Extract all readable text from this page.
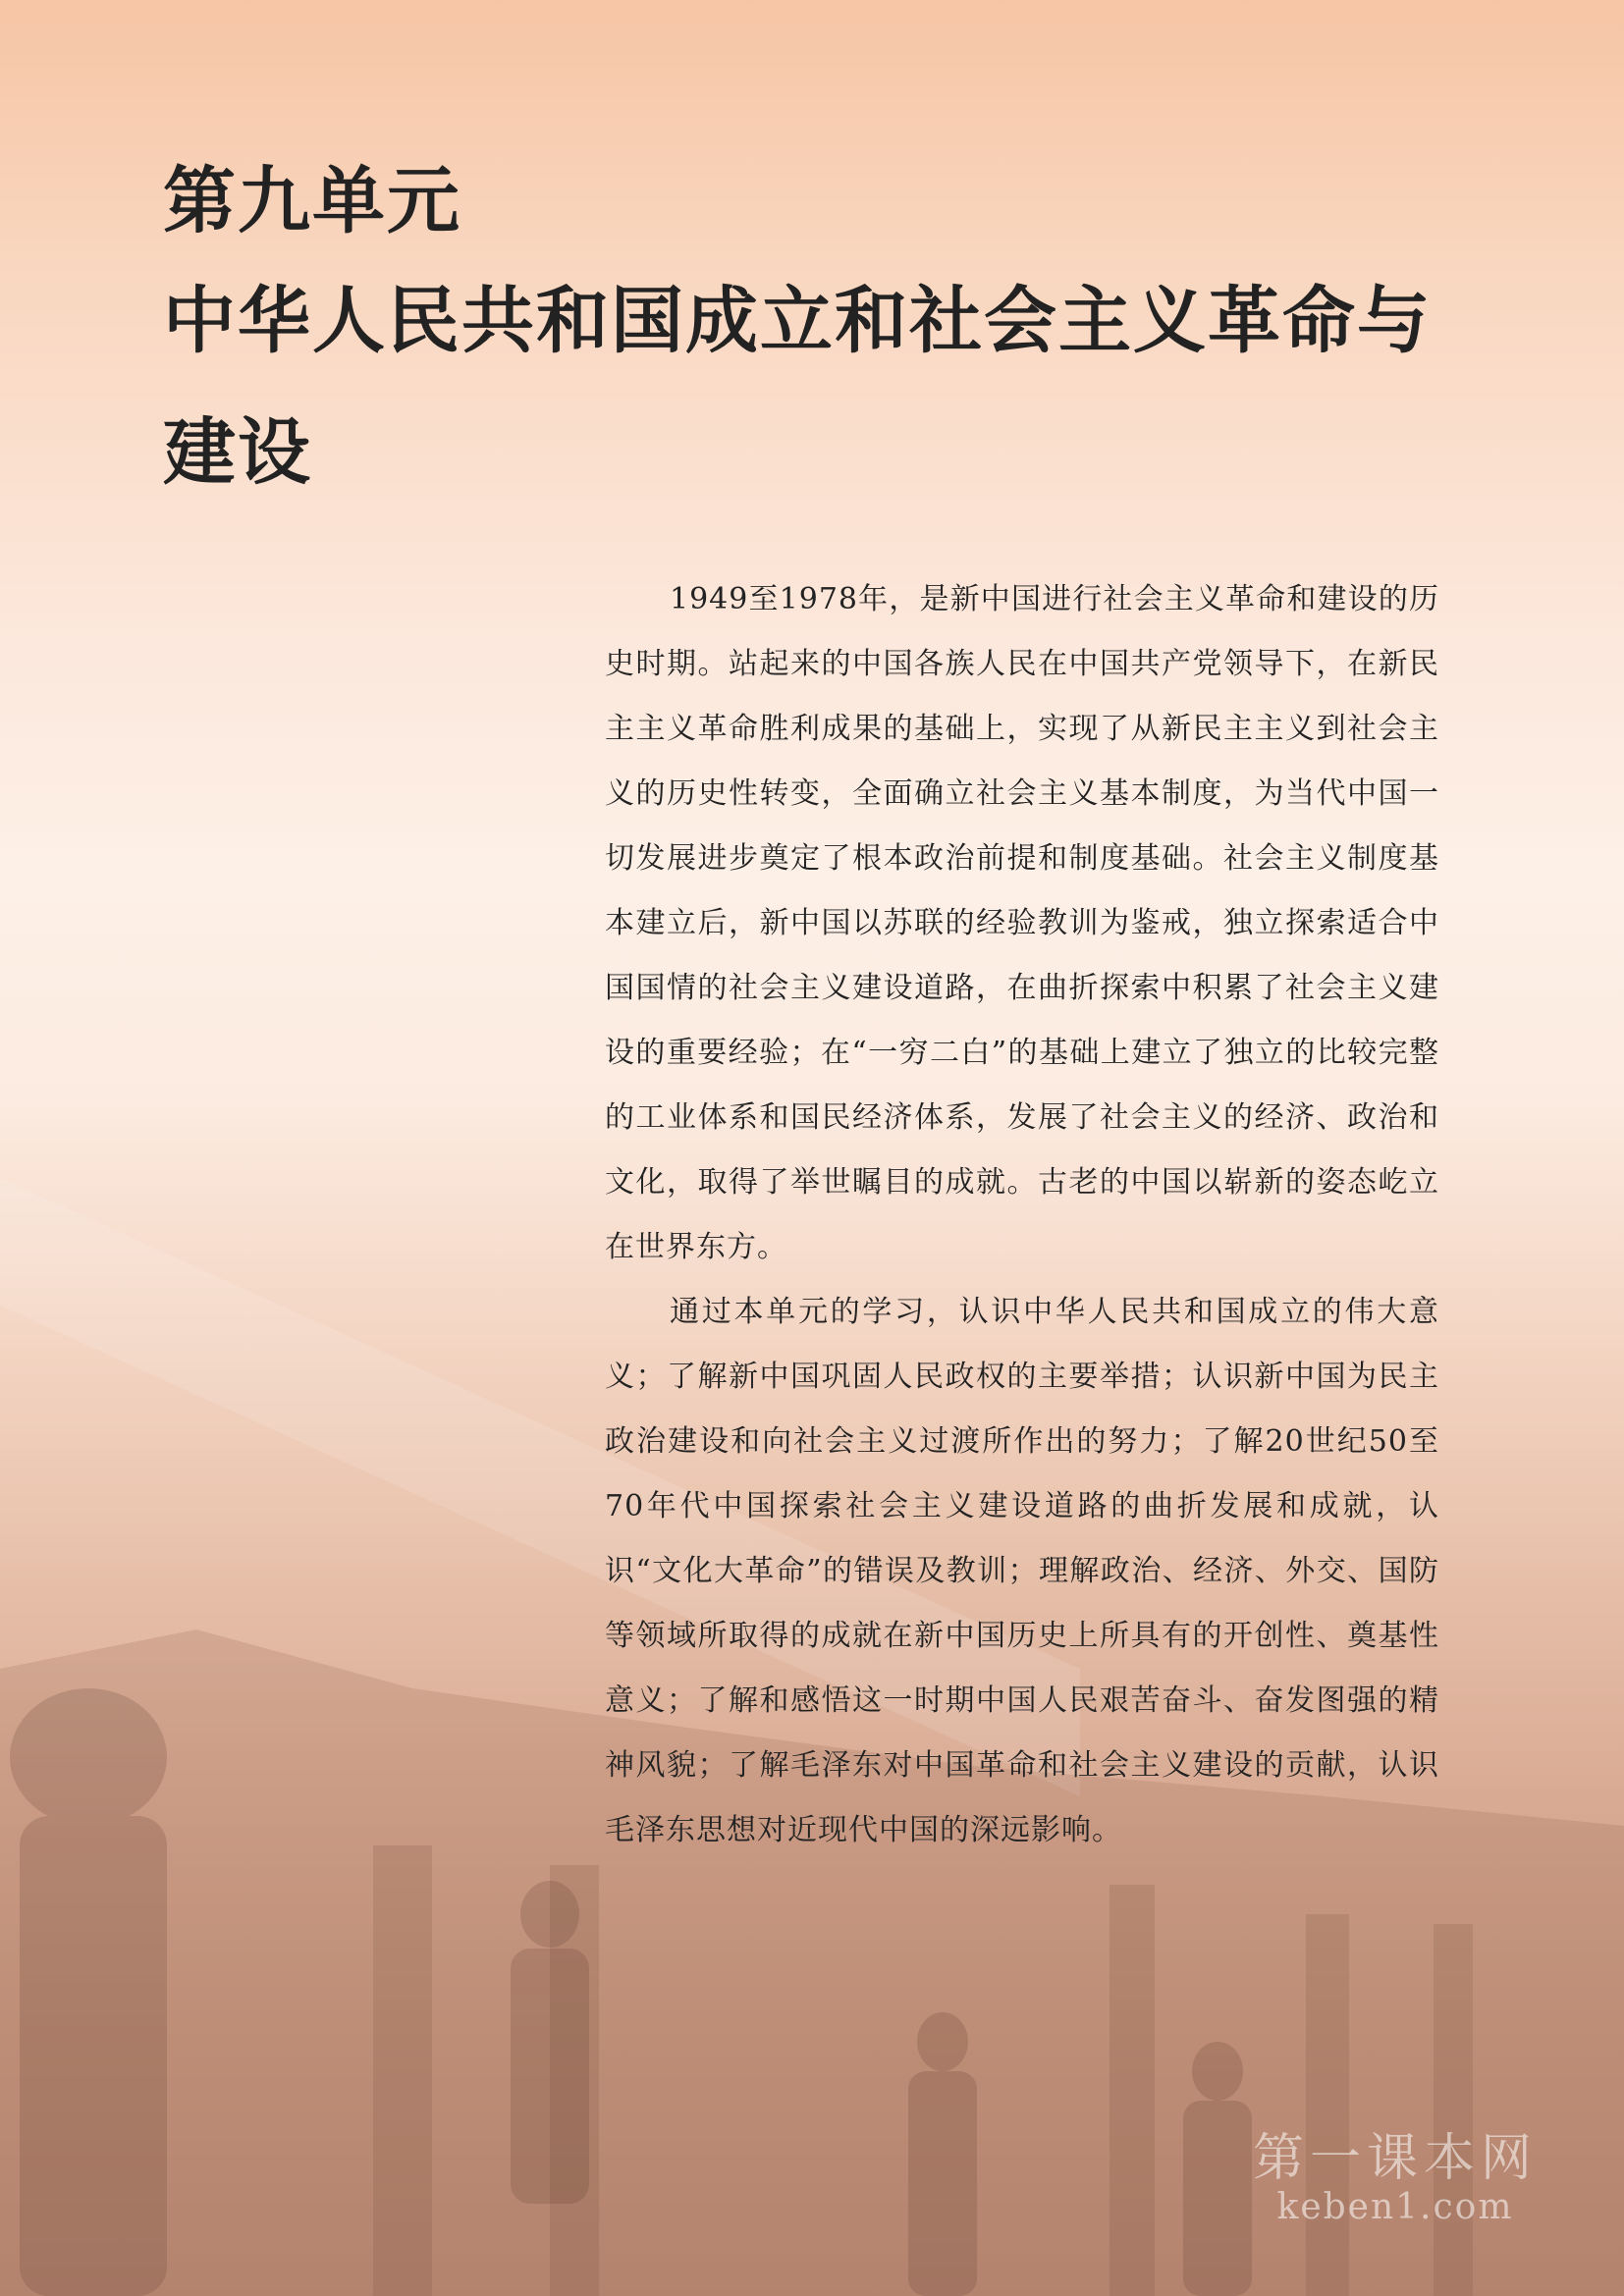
第九单元
中华人民共和国成立和社会主义革命与建设

1949至1978年，是新中国进行社会主义革命和建设的历史时期。站起来的中国各族人民在中国共产党领导下，在新民主主义革命胜利成果的基础上，实现了从新民主主义到社会主义的历史性转变，全面确立社会主义基本制度，为当代中国一切发展进步奠定了根本政治前提和制度基础。社会主义制度基本建立后，新中国以苏联的经验教训为鉴戒，独立探索适合中国国情的社会主义建设道路，在曲折探索中积累了社会主义建设的重要经验；在“一穷二白”的基础上建立了独立的比较完整的工业体系和国民经济体系，发展了社会主义的经济、政治和文化，取得了举世瞩目的成就。古老的中国以崭新的姿态屹立在世界东方。

通过本单元的学习，认识中华人民共和国成立的伟大意义；了解新中国巩固人民政权的主要举措；认识新中国为民主政治建设和向社会主义过渡所作出的努力；了解20世纪50至70年代中国探索社会主义建设道路的曲折发展和成就，认识“文化大革命”的错误及教训；理解政治、经济、外交、国防等领域所取得的成就在新中国历史上所具有的开创性、奠基性意义；了解和感悟这一时期中国人民艰苦奋斗、奋发图强的精神风貌；了解毛泽东对中国革命和社会主义建设的贡献，认识毛泽东思想对近现代中国的深远影响。

第一课本网
keben1.com
